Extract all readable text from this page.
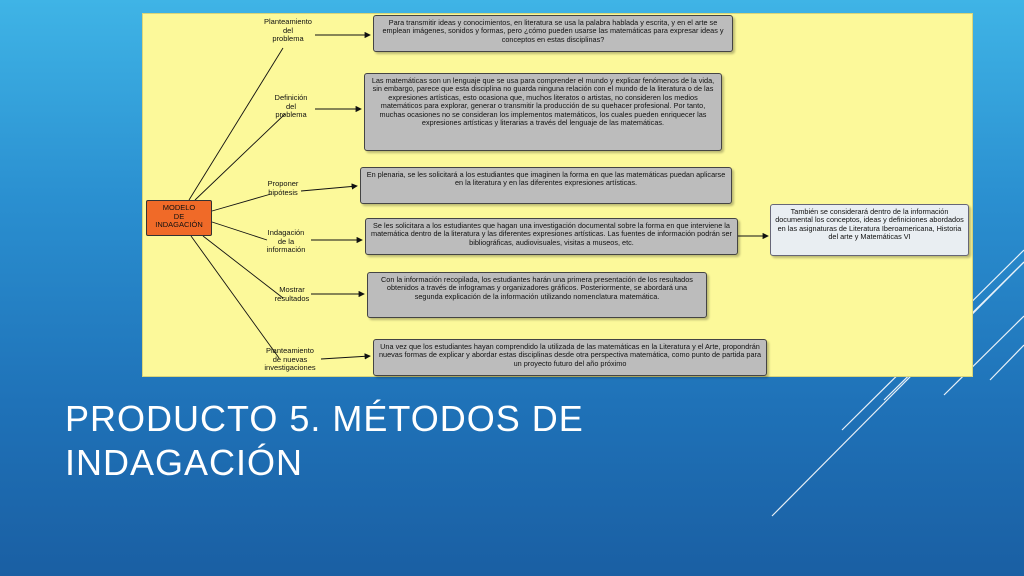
MODELO
DE
INDAGACIÓN
Planteamiento
del
problema
Definición
del
problema
Proponer
hipótesis
Indagación
de la
información
Mostrar
resultados
Planteamiento
de nuevas
investigaciones
Para transmitir ideas y conocimientos, en literatura se usa la palabra hablada y escrita, y en el arte se emplean imágenes, sonidos y formas, pero ¿cómo pueden usarse las matemáticas para expresar ideas y conceptos en estas disciplinas?
Las matemáticas son un lenguaje que se usa para comprender el mundo y explicar fenómenos de la vida, sin embargo, parece que esta disciplina no guarda ninguna relación con el mundo de la literatura o de las expresiones artísticas, esto ocasiona que, muchos literatos o artistas, no consideren los medios matemáticos para explorar, generar o transmitir la producción de su quehacer profesional. Por tanto, muchas ocasiones no se consideran los implementos matemáticos, los cuales pueden enriquecer las expresiones artísticas y literarias a través del lenguaje de las matemáticas.
En plenaria, se les solicitará a los estudiantes que imaginen la forma en que las matemáticas puedan aplicarse en la literatura y en las diferentes expresiones artísticas.
Se les solicitara a los estudiantes que hagan una investigación documental sobre la forma en que interviene la matemática dentro de la literatura y las diferentes expresiones artísticas. Las fuentes de información podrán ser bibliográficas, audiovisuales, visitas a museos, etc.
Con la información recopilada, los estudiantes harán una primera presentación de los resultados obtenidos a través de infogramas y organizadores gráficos. Posteriormente, se abordará una segunda explicación de la información utilizando nomenclatura matemática.
Una vez que los estudiantes hayan comprendido la utilizada de las matemáticas en la Literatura y el Arte, propondrán nuevas formas de explicar y abordar estas disciplinas desde otra perspectiva matemática, como punto de partida para un proyecto futuro del año próximo
También se considerará dentro de la información documental los conceptos, ideas y definiciones abordados en las asignaturas de Literatura Iberoamericana, Historia del arte y Matemáticas VI
PRODUCTO 5. MÉTODOS DE
INDAGACIÓN
